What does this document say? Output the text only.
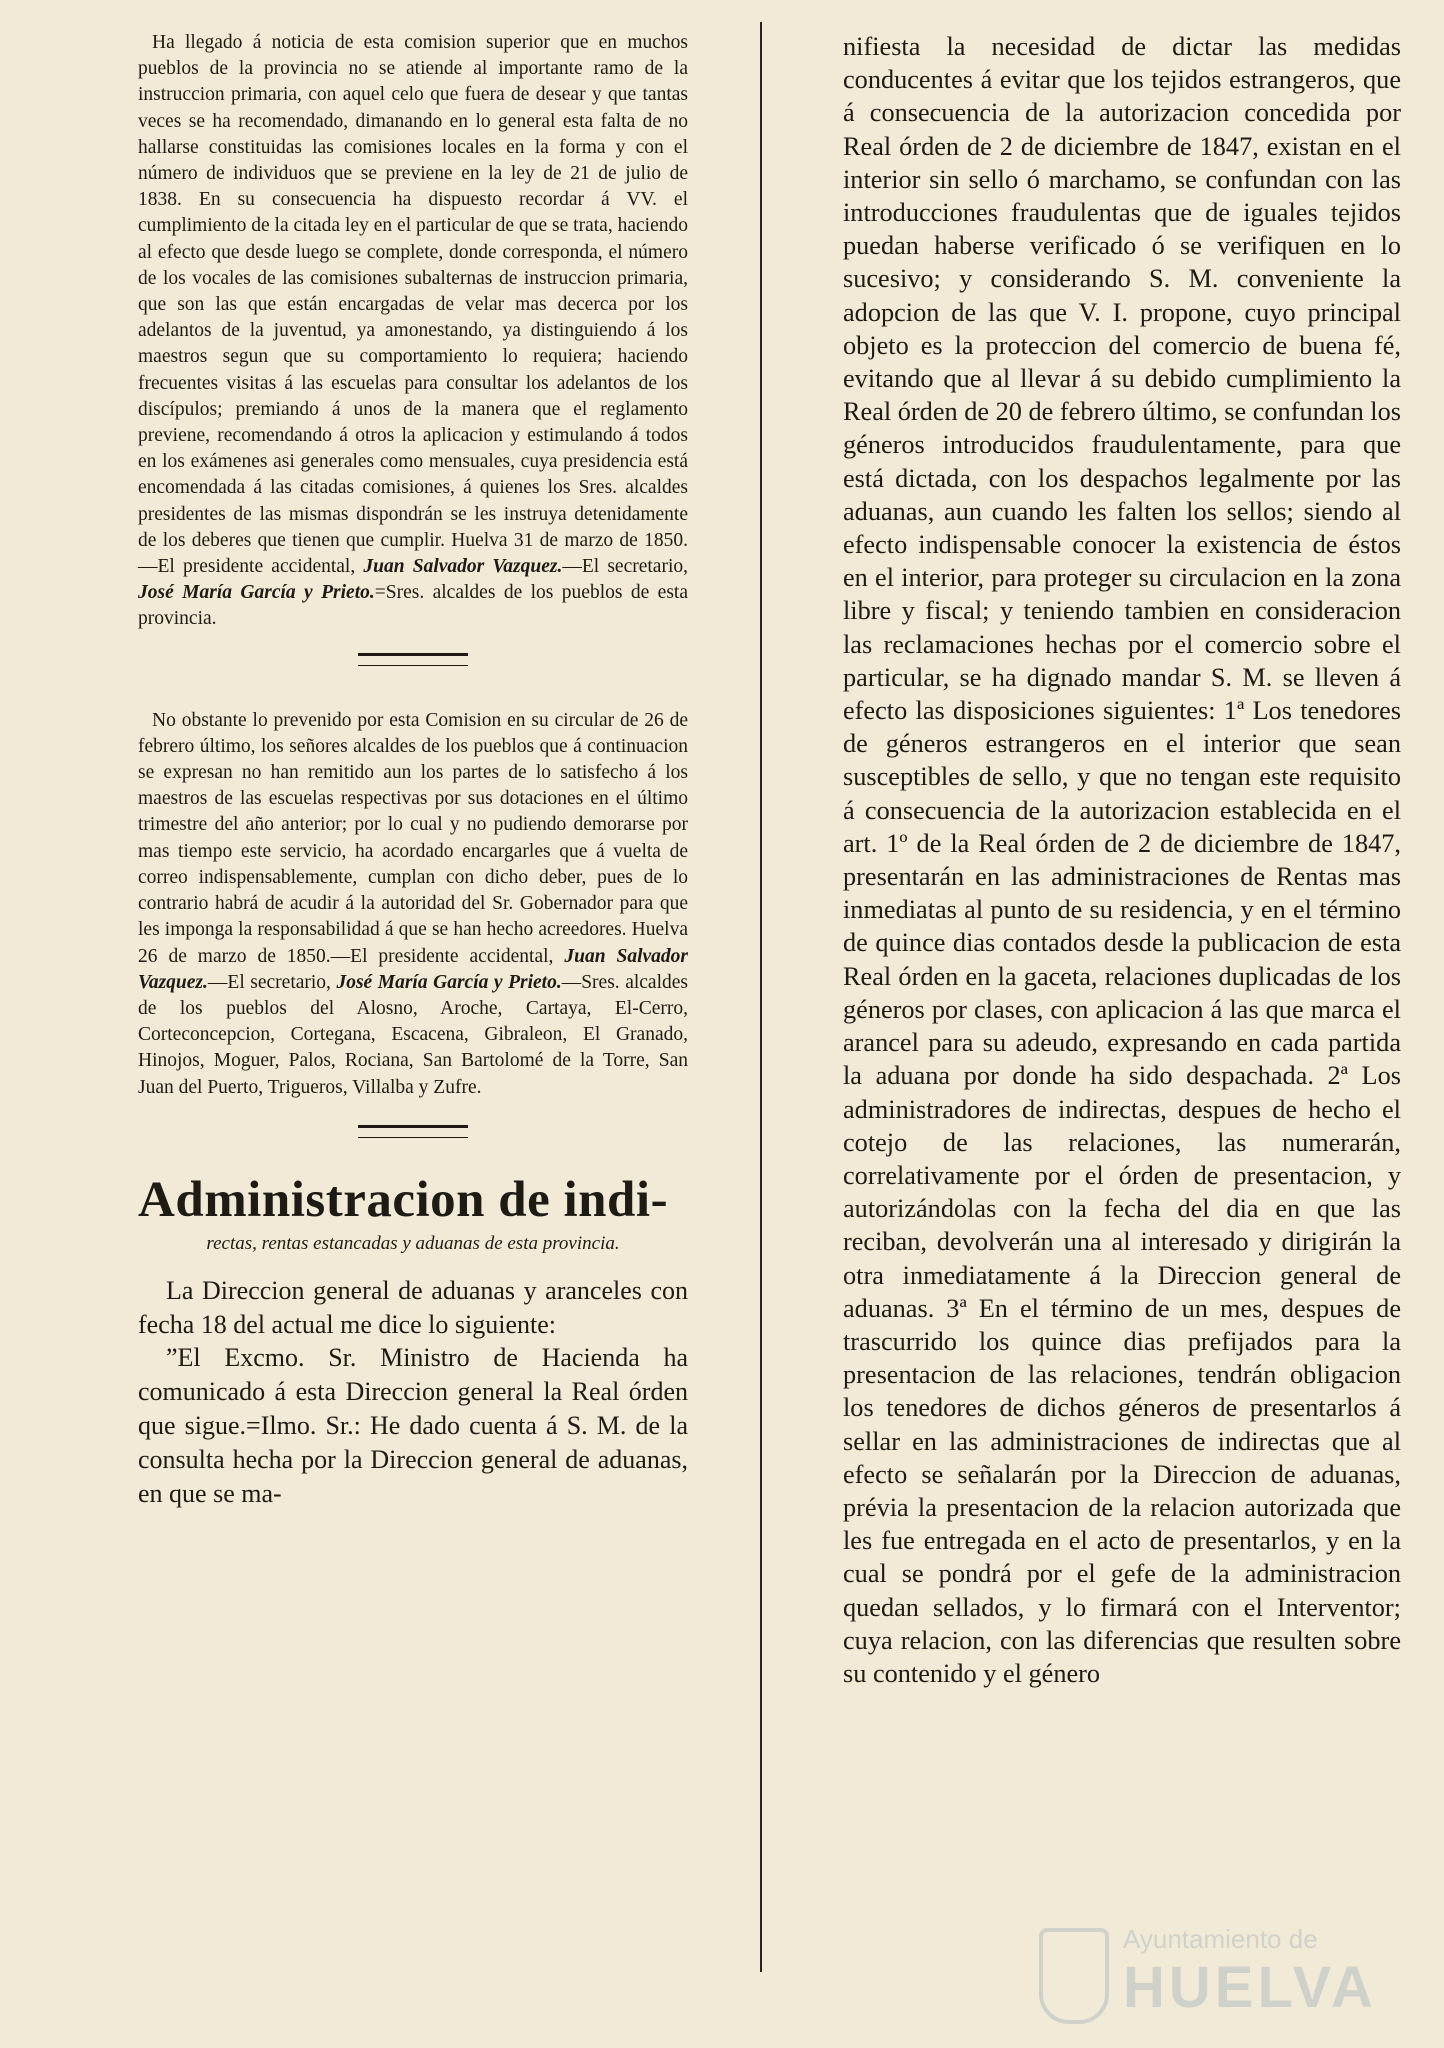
Ha llegado á noticia de esta comision superior que en muchos pueblos de la provincia no se atiende al importante ramo de la instruccion primaria, con aquel celo que fuera de desear y que tantas veces se ha recomendado, dimanando en lo general esta falta de no hallarse constituidas las comisiones locales en la forma y con el número de individuos que se previene en la ley de 21 de julio de 1838. En su consecuencia ha dispuesto recordar á VV. el cumplimiento de la citada ley en el particular de que se trata, haciendo al efecto que desde luego se complete, donde corresponda, el número de los vocales de las comisiones subalternas de instruccion primaria, que son las que están encargadas de velar mas decerca por los adelantos de la juventud, ya amonestando, ya distinguiendo á los maestros segun que su comportamiento lo requiera; haciendo frecuentes visitas á las escuelas para consultar los adelantos de los discípulos; premiando á unos de la manera que el reglamento previene, recomendando á otros la aplicacion y estimulando á todos en los exámenes asi generales como mensuales, cuya presidencia está encomendada á las citadas comisiones, á quienes los Sres. alcaldes presidentes de las mismas dispondrán se les instruya detenidamente de los deberes que tienen que cumplir. Huelva 31 de marzo de 1850.—El presidente accidental, Juan Salvador Vazquez.—El secretario, José María García y Prieto.=Sres. alcaldes de los pueblos de esta provincia.

No obstante lo prevenido por esta Comision en su circular de 26 de febrero último, los señores alcaldes de los pueblos que á continuacion se expresan no han remitido aun los partes de lo satisfecho á los maestros de las escuelas respectivas por sus dotaciones en el último trimestre del año anterior; por lo cual y no pudiendo demorarse por mas tiempo este servicio, ha acordado encargarles que á vuelta de correo indispensablemente, cumplan con dicho deber, pues de lo contrario habrá de acudir á la autoridad del Sr. Gobernador para que les imponga la responsabilidad á que se han hecho acreedores. Huelva 26 de marzo de 1850.—El presidente accidental, Juan Salvador Vazquez.—El secretario, José María García y Prieto.—Sres. alcaldes de los pueblos del Alosno, Aroche, Cartaya, El-Cerro, Corteconcepcion, Cortegana, Escacena, Gibraleon, El Granado, Hinojos, Moguer, Palos, Rociana, San Bartolomé de la Torre, San Juan del Puerto, Trigueros, Villalba y Zufre.

Administracion de indi-
rectas, rentas estancadas y aduanas de esta provincia.

La Direccion general de aduanas y aranceles con fecha 18 del actual me dice lo siguiente:

”El Excmo. Sr. Ministro de Hacienda ha comunicado á esta Direccion general la Real órden que sigue.=Ilmo. Sr.: He dado cuenta á S. M. de la consulta hecha por la Direccion general de aduanas, en que se ma-

nifiesta la necesidad de dictar las medidas conducentes á evitar que los tejidos estrangeros, que á consecuencia de la autorizacion concedida por Real órden de 2 de diciembre de 1847, existan en el interior sin sello ó marchamo, se confundan con las introducciones fraudulentas que de iguales tejidos puedan haberse verificado ó se verifiquen en lo sucesivo; y considerando S. M. conveniente la adopcion de las que V. I. propone, cuyo principal objeto es la proteccion del comercio de buena fé, evitando que al llevar á su debido cumplimiento la Real órden de 20 de febrero último, se confundan los géneros introducidos fraudulentamente, para que está dictada, con los despachos legalmente por las aduanas, aun cuando les falten los sellos; siendo al efecto indispensable conocer la existencia de éstos en el interior, para proteger su circulacion en la zona libre y fiscal; y teniendo tambien en consideracion las reclamaciones hechas por el comercio sobre el particular, se ha dignado mandar S. M. se lleven á efecto las disposiciones siguientes: 1ª Los tenedores de géneros estrangeros en el interior que sean susceptibles de sello, y que no tengan este requisito á consecuencia de la autorizacion establecida en el art. 1º de la Real órden de 2 de diciembre de 1847, presentarán en las administraciones de Rentas mas inmediatas al punto de su residencia, y en el término de quince dias contados desde la publicacion de esta Real órden en la gaceta, relaciones duplicadas de los géneros por clases, con aplicacion á las que marca el arancel para su adeudo, expresando en cada partida la aduana por donde ha sido despachada. 2ª Los administradores de indirectas, despues de hecho el cotejo de las relaciones, las numerarán, correlativamente por el órden de presentacion, y autorizándolas con la fecha del dia en que las reciban, devolverán una al interesado y dirigirán la otra inmediatamente á la Direccion general de aduanas. 3ª En el término de un mes, despues de trascurrido los quince dias prefijados para la presentacion de las relaciones, tendrán obligacion los tenedores de dichos géneros de presentarlos á sellar en las administraciones de indirectas que al efecto se señalarán por la Direccion de aduanas, prévia la presentacion de la relacion autorizada que les fue entregada en el acto de presentarlos, y en la cual se pondrá por el gefe de la administracion quedan sellados, y lo firmará con el Interventor; cuya relacion, con las diferencias que resulten sobre su contenido y el género

Ayuntamiento de
HUELVA
